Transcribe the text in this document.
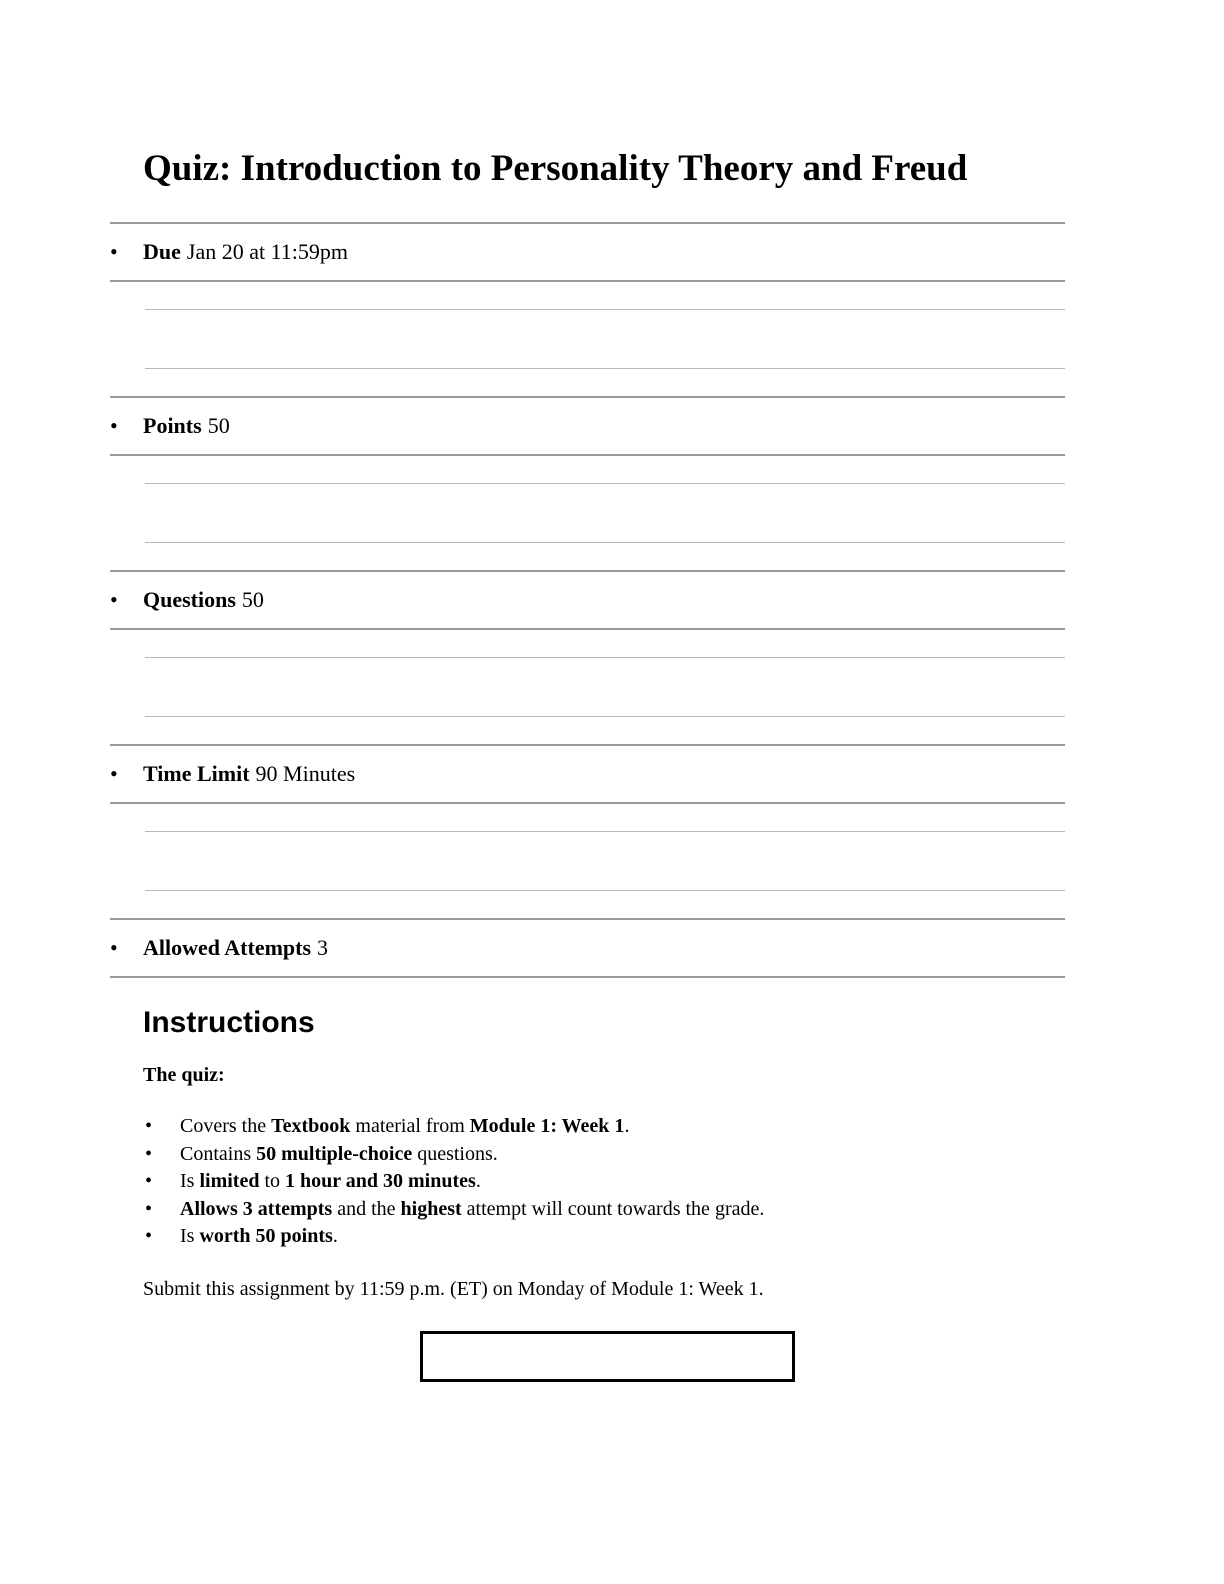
Quiz: Introduction to Personality Theory and Freud
•	Due Jan 20 at 11:59pm
•	Points 50
•	Questions 50
•	Time Limit 90 Minutes
•	Allowed Attempts 3
Instructions

The quiz:

•	Covers the Textbook material from Module 1: Week 1.
•	Contains 50 multiple-choice questions.
•	Is limited to 1 hour and 30 minutes.
•	Allows 3 attempts and the highest attempt will count towards the grade.
•	Is worth 50 points.

Submit this assignment by 11:59 p.m. (ET) on Monday of Module 1: Week 1.
